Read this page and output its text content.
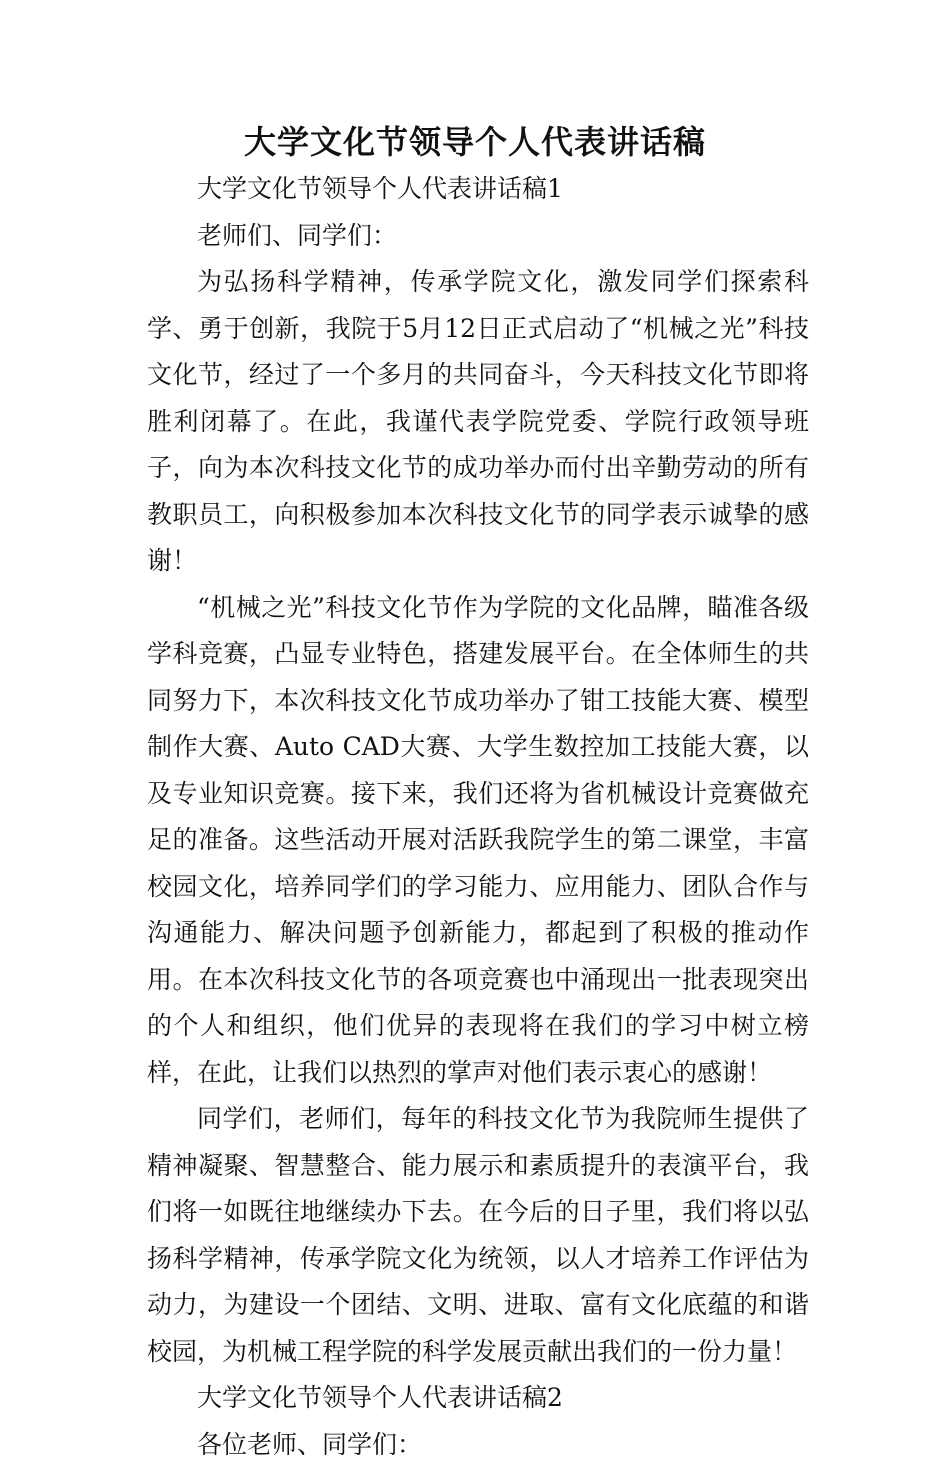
大学文化节领导个人代表讲话稿

大学文化节领导个人代表讲话稿1

老师们、同学们：

为弘扬科学精神，传承学院文化，激发同学们探索科学、勇于创新，我院于5月12日正式启动了“机械之光”科技文化节，经过了一个多月的共同奋斗，今天科技文化节即将胜利闭幕了。在此，我谨代表学院党委、学院行政领导班子，向为本次科技文化节的成功举办而付出辛勤劳动的所有教职员工，向积极参加本次科技文化节的同学表示诚挚的感谢！

“机械之光”科技文化节作为学院的文化品牌，瞄准各级学科竞赛，凸显专业特色，搭建发展平台。在全体师生的共同努力下，本次科技文化节成功举办了钳工技能大赛、模型制作大赛、Auto CAD大赛、大学生数控加工技能大赛，以及专业知识竞赛。接下来，我们还将为省机械设计竞赛做充足的准备。这些活动开展对活跃我院学生的第二课堂，丰富校园文化，培养同学们的学习能力、应用能力、团队合作与沟通能力、解决问题予创新能力，都起到了积极的推动作用。在本次科技文化节的各项竞赛也中涌现出一批表现突出的个人和组织，他们优异的表现将在我们的学习中树立榜样，在此，让我们以热烈的掌声对他们表示衷心的感谢！

同学们，老师们，每年的科技文化节为我院师生提供了精神凝聚、智慧整合、能力展示和素质提升的表演平台，我们将一如既往地继续办下去。在今后的日子里，我们将以弘扬科学精神，传承学院文化为统领，以人才培养工作评估为动力，为建设一个团结、文明、进取、富有文化底蕴的和谐校园，为机械工程学院的科学发展贡献出我们的一份力量！

大学文化节领导个人代表讲话稿2

各位老师、同学们：
